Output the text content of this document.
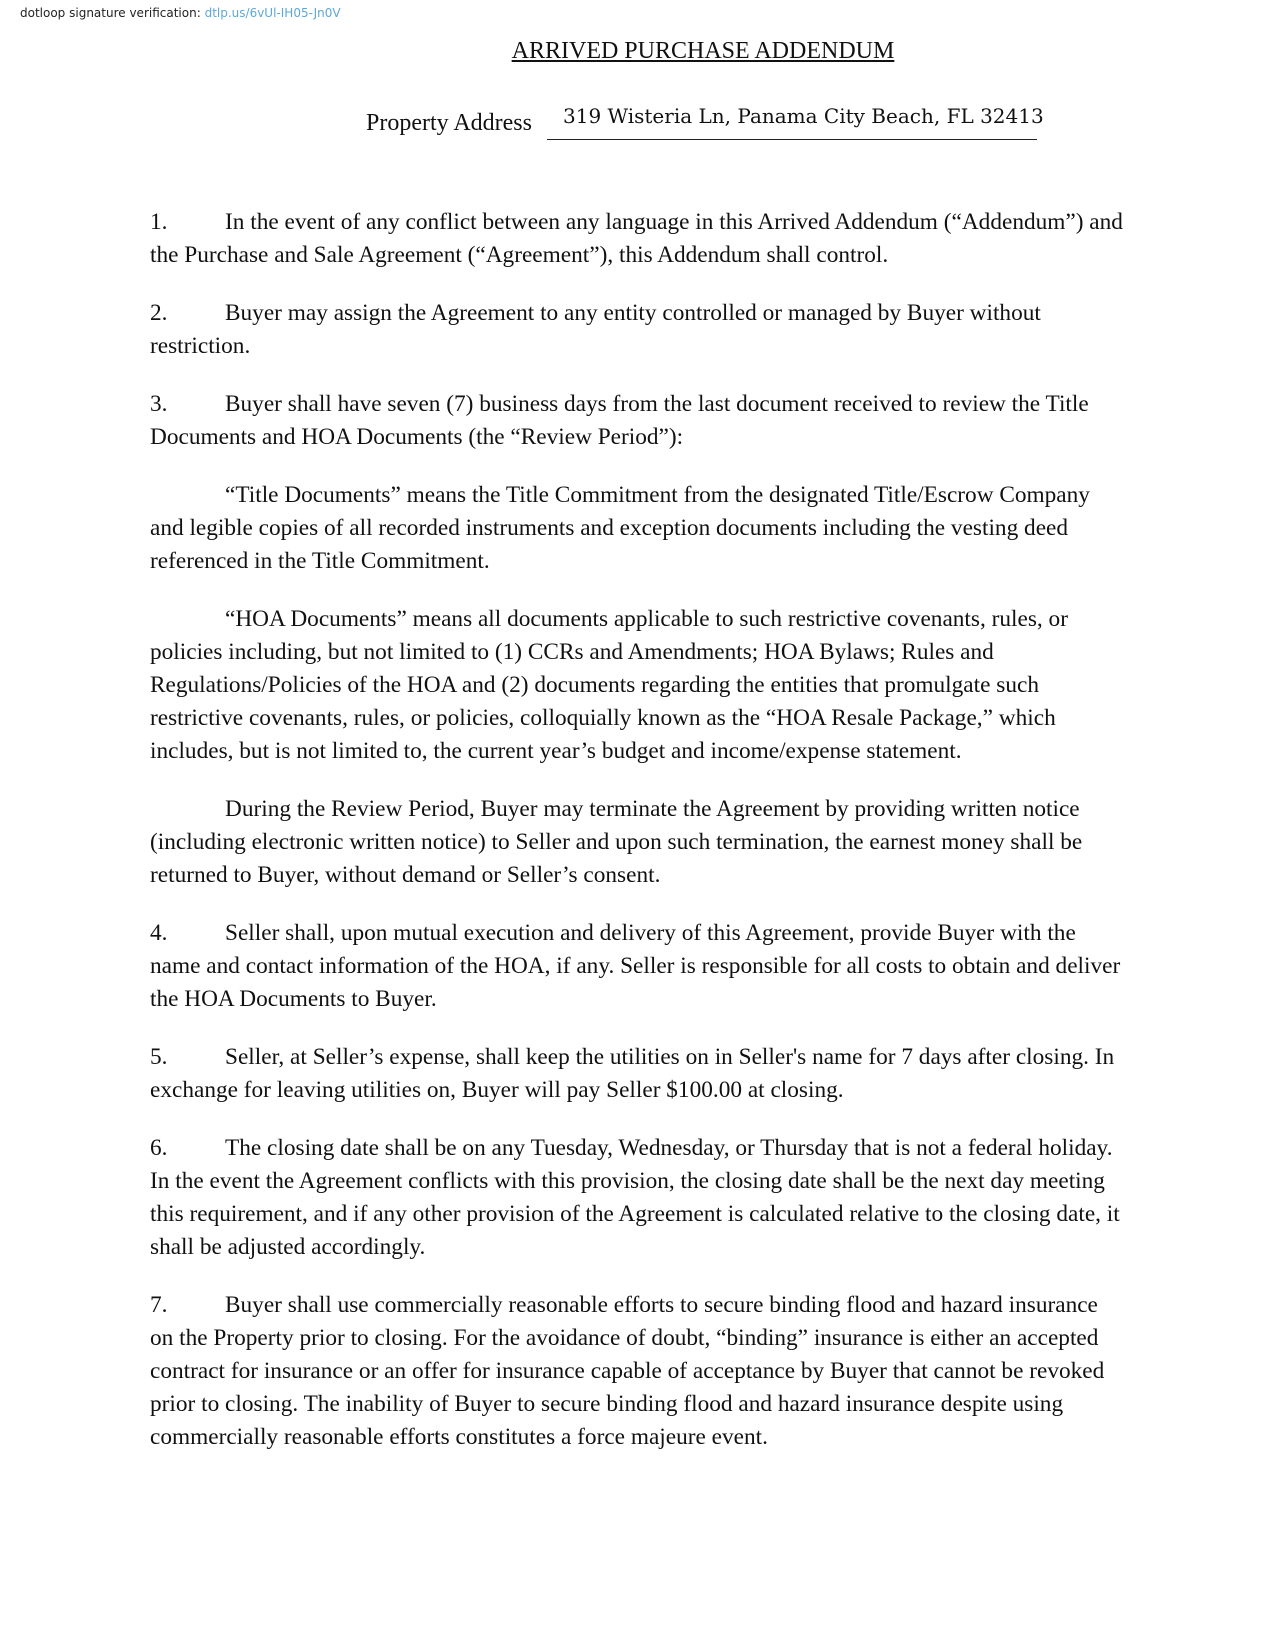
dotloop signature verification: dtlp.us/6vUl-IH05-Jn0V
ARRIVED PURCHASE ADDENDUM
Property Address 319 Wisteria Ln, Panama City Beach, FL 32413

1. In the event of any conflict between any language in this Arrived Addendum (“Addendum”) and the Purchase and Sale Agreement (“Agreement”), this Addendum shall control.

2. Buyer may assign the Agreement to any entity controlled or managed by Buyer without restriction.

3. Buyer shall have seven (7) business days from the last document received to review the Title Documents and HOA Documents (the “Review Period”):

“Title Documents” means the Title Commitment from the designated Title/Escrow Company and legible copies of all recorded instruments and exception documents including the vesting deed referenced in the Title Commitment.

“HOA Documents” means all documents applicable to such restrictive covenants, rules, or policies including, but not limited to (1) CCRs and Amendments; HOA Bylaws; Rules and Regulations/Policies of the HOA and (2) documents regarding the entities that promulgate such restrictive covenants, rules, or policies, colloquially known as the “HOA Resale Package,” which includes, but is not limited to, the current year’s budget and income/expense statement.

During the Review Period, Buyer may terminate the Agreement by providing written notice (including electronic written notice) to Seller and upon such termination, the earnest money shall be returned to Buyer, without demand or Seller’s consent.

4. Seller shall, upon mutual execution and delivery of this Agreement, provide Buyer with the name and contact information of the HOA, if any. Seller is responsible for all costs to obtain and deliver the HOA Documents to Buyer.

5. Seller, at Seller’s expense, shall keep the utilities on in Seller's name for 7 days after closing. In exchange for leaving utilities on, Buyer will pay Seller $100.00 at closing.

6. The closing date shall be on any Tuesday, Wednesday, or Thursday that is not a federal holiday. In the event the Agreement conflicts with this provision, the closing date shall be the next day meeting this requirement, and if any other provision of the Agreement is calculated relative to the closing date, it shall be adjusted accordingly.

7. Buyer shall use commercially reasonable efforts to secure binding flood and hazard insurance on the Property prior to closing. For the avoidance of doubt, “binding” insurance is either an accepted contract for insurance or an offer for insurance capable of acceptance by Buyer that cannot be revoked prior to closing. The inability of Buyer to secure binding flood and hazard insurance despite using commercially reasonable efforts constitutes a force majeure event.
